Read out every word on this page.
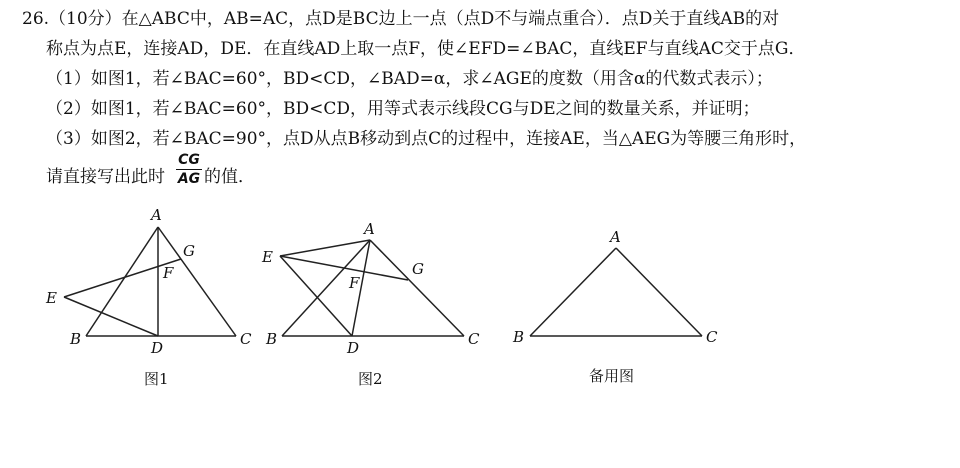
26.（10分）在△ABC中，AB=AC，点D是BC边上一点（点D不与端点重合）．点D关于直线AB的对
称点为点E，连接AD，DE．在直线AD上取一点F，使∠EFD=∠BAC，直线EF与直线AC交于点G．
（1）如图1，若∠BAC=60°，BD<CD，∠BAD=α，求∠AGE的度数（用含α的代数式表示）；
（2）如图1，若∠BAC=60°，BD<CD，用等式表示线段CG与DE之间的数量关系，并证明；
（3）如图2，若∠BAC=90°，点D从点B移动到点C的过程中，连接AE，当△AEG为等腰三角形时，
请直接写出此时
CG
AG 的值．
A
B	C
D
E
F
G
图1
A
B	C
D
E
F
G
图2
A
B	C
备用图
